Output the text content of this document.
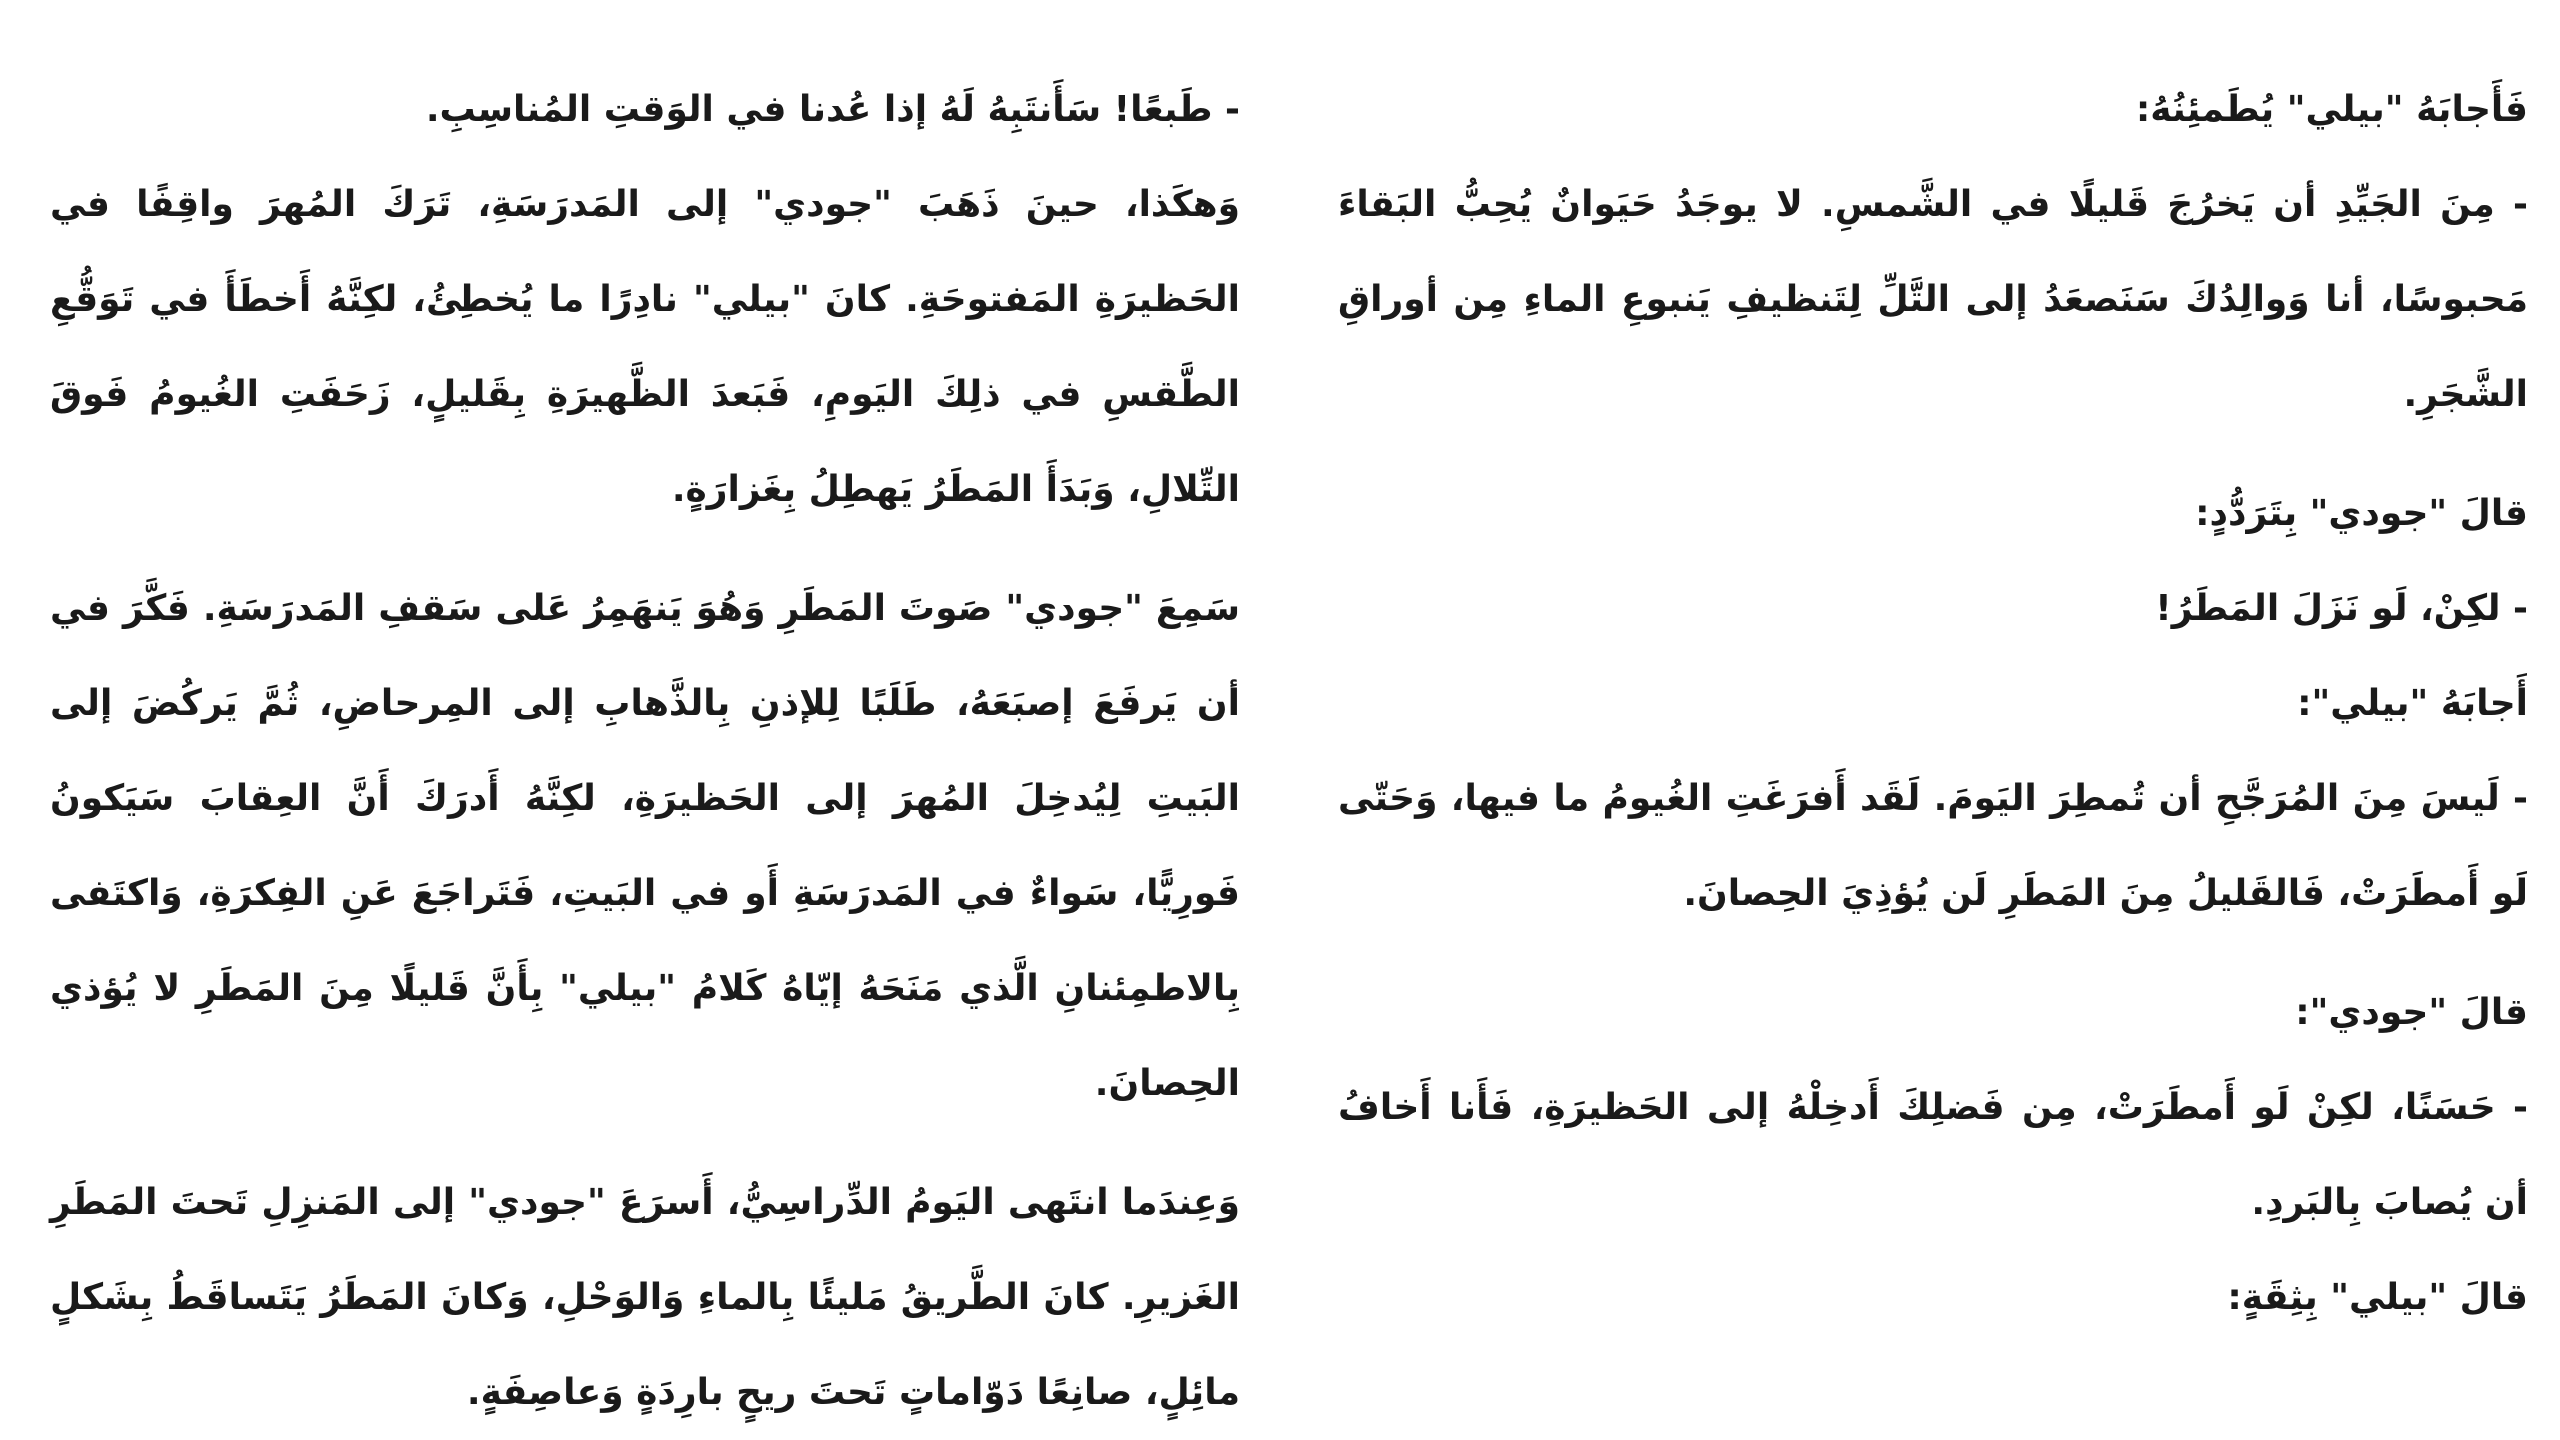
فَأَجابَهُ "بيلي" يُطَمئِنُهُ:

- مِنَ الجَيِّدِ أن يَخرُجَ قَليلًا في الشَّمسِ. لا يوجَدُ حَيَوانٌ يُحِبُّ البَقاءَ مَحبوسًا، أنا وَوالِدُكَ سَنَصعَدُ إلى التَّلِّ لِتَنظيفِ يَنبوعِ الماءِ مِن أوراقِ الشَّجَرِ.

قالَ "جودي" بِتَرَدُّدٍ:

- لكِنْ، لَو نَزَلَ المَطَرُ!

أَجابَهُ "بيلي":

- لَيسَ مِنَ المُرَجَّحِ أن تُمطِرَ اليَومَ. لَقَد أَفرَغَتِ الغُيومُ ما فيها، وَحَتّى لَو أَمطَرَتْ، فَالقَليلُ مِنَ المَطَرِ لَن يُؤذِيَ الحِصانَ.

قالَ "جودي":

- حَسَنًا، لكِنْ لَو أَمطَرَتْ، مِن فَضلِكَ أَدخِلْهُ إلى الحَظيرَةِ، فَأَنا أَخافُ أن يُصابَ بِالبَردِ.

قالَ "بيلي" بِثِقَةٍ:

- طَبعًا! سَأَنتَبِهُ لَهُ إذا عُدنا في الوَقتِ المُناسِبِ.

وَهكَذا، حينَ ذَهَبَ "جودي" إلى المَدرَسَةِ، تَرَكَ المُهرَ واقِفًا في الحَظيرَةِ المَفتوحَةِ. كانَ "بيلي" نادِرًا ما يُخطِئُ، لكِنَّهُ أَخطَأَ في تَوَقُّعِ الطَّقسِ في ذلِكَ اليَومِ، فَبَعدَ الظَّهيرَةِ بِقَليلٍ، زَحَفَتِ الغُيومُ فَوقَ التِّلالِ، وَبَدَأَ المَطَرُ يَهطِلُ بِغَزارَةٍ.

سَمِعَ "جودي" صَوتَ المَطَرِ وَهُوَ يَنهَمِرُ عَلى سَقفِ المَدرَسَةِ. فَكَّرَ في أن يَرفَعَ إصبَعَهُ، طَلَبًا لِلإذنِ بِالذَّهابِ إلى المِرحاضِ، ثُمَّ يَركُضَ إلى البَيتِ لِيُدخِلَ المُهرَ إلى الحَظيرَةِ، لكِنَّهُ أَدرَكَ أَنَّ العِقابَ سَيَكونُ فَورِيًّا، سَواءٌ في المَدرَسَةِ أَو في البَيتِ، فَتَراجَعَ عَنِ الفِكرَةِ، وَاكتَفى بِالاطمِئنانِ الَّذي مَنَحَهُ إيّاهُ كَلامُ "بيلي" بِأَنَّ قَليلًا مِنَ المَطَرِ لا يُؤذي الحِصانَ.

وَعِندَما انتَهى اليَومُ الدِّراسِيُّ، أَسرَعَ "جودي" إلى المَنزِلِ تَحتَ المَطَرِ الغَزيرِ. كانَ الطَّريقُ مَليئًا بِالماءِ وَالوَحْلِ، وَكانَ المَطَرُ يَتَساقَطُ بِشَكلٍ مائِلٍ، صانِعًا دَوّاماتٍ تَحتَ ريحٍ بارِدَةٍ وَعاصِفَةٍ.
